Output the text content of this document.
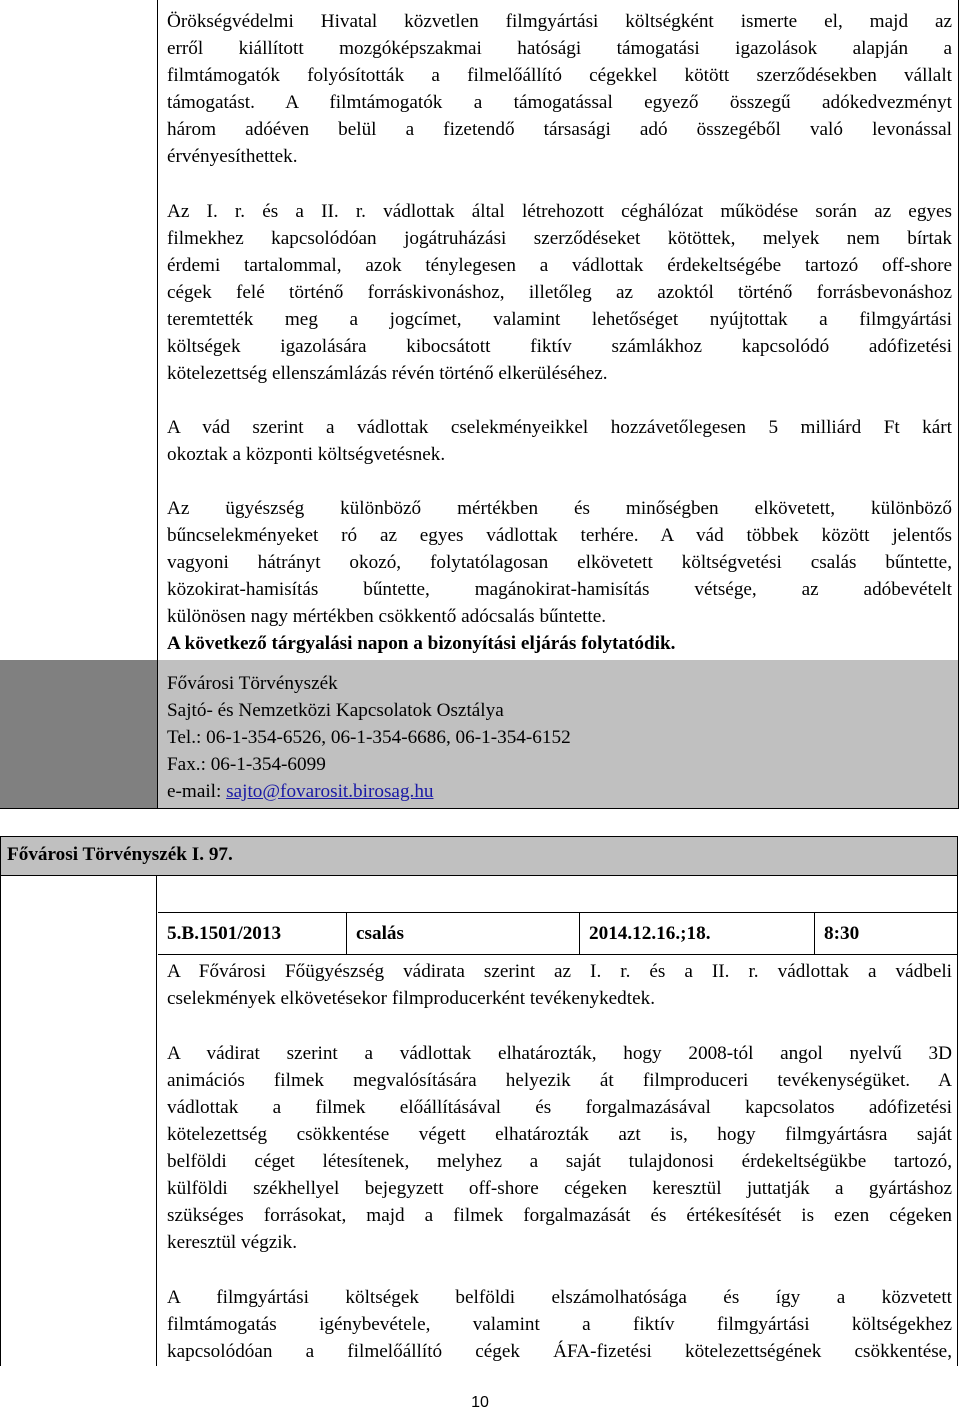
Örökségvédelmi Hivatal közvetlen filmgyártási költségként ismerte el, majd az

erről kiállított mozgóképszakmai hatósági támogatási igazolások alapján a

filmtámogatók folyósították a filmelőállító cégekkel kötött szerződésekben vállalt

támogatást. A filmtámogatók a támogatással egyező összegű adókedvezményt

három adóéven belül a fizetendő társasági adó összegéből való levonással

érvényesíthettek.

Az I. r. és a II. r. vádlottak által létrehozott céghálózat működése során az egyes

filmekhez kapcsolódóan jogátruházási szerződéseket kötöttek, melyek nem bírtak

érdemi tartalommal, azok ténylegesen a vádlottak érdekeltségébe tartozó off-shore

cégek felé történő forráskivonáshoz, illetőleg az azoktól történő forrásbevonáshoz

teremtették meg a jogcímet, valamint lehetőséget nyújtottak a filmgyártási

költségek igazolására kibocsátott fiktív számlákhoz kapcsolódó adófizetési

kötelezettség ellenszámlázás révén történő elkerüléséhez.

A vád szerint a vádlottak cselekményeikkel hozzávetőlegesen 5 milliárd Ft kárt

okoztak a központi költségvetésnek.

Az ügyészség különböző mértékben és minőségben elkövetett, különböző

bűncselekményeket ró az egyes vádlottak terhére. A vád többek között jelentős

vagyoni hátrányt okozó, folytatólagosan elkövetett költségvetési csalás bűntette,

közokirat-hamisítás bűntette, magánokirat-hamisítás vétsége, az adóbevételt

különösen nagy mértékben csökkentő adócsalás bűntette.

A következő tárgyalási napon a bizonyítási eljárás folytatódik.

Fővárosi Törvényszék

Sajtó- és Nemzetközi Kapcsolatok Osztálya

Tel.: 06-1-354-6526, 06-1-354-6686, 06-1-354-6152

Fax.: 06-1-354-6099

e-mail: sajto@fovarosit.birosag.hu

Fővárosi Törvényszék I. 97.
5.B.1501/2013	csalás	2014.12.16.;18.	8:30

A Fővárosi Főügyészség vádirata szerint az I. r. és a II. r. vádlottak a vádbeli

cselekmények elkövetésekor filmproducerként tevékenykedtek.

A vádirat szerint a vádlottak elhatározták, hogy 2008-tól angol nyelvű 3D

animációs filmek megvalósítására helyezik át filmproduceri tevékenységüket. A

vádlottak a filmek előállításával és forgalmazásával kapcsolatos adófizetési

kötelezettség csökkentése végett elhatározták azt is, hogy filmgyártásra saját

belföldi céget létesítenek, melyhez a saját tulajdonosi érdekeltségükbe tartozó,

külföldi székhellyel bejegyzett off-shore cégeken keresztül juttatják a gyártáshoz

szükséges forrásokat, majd a filmek forgalmazását és értékesítését is ezen cégeken

keresztül végzik.

A filmgyártási költségek belföldi elszámolhatósága és így a közvetett

filmtámogatás igénybevétele, valamint a fiktív filmgyártási költségekhez

kapcsolódóan a filmelőállító cégek ÁFA-fizetési kötelezettségének csökkentése,

10
